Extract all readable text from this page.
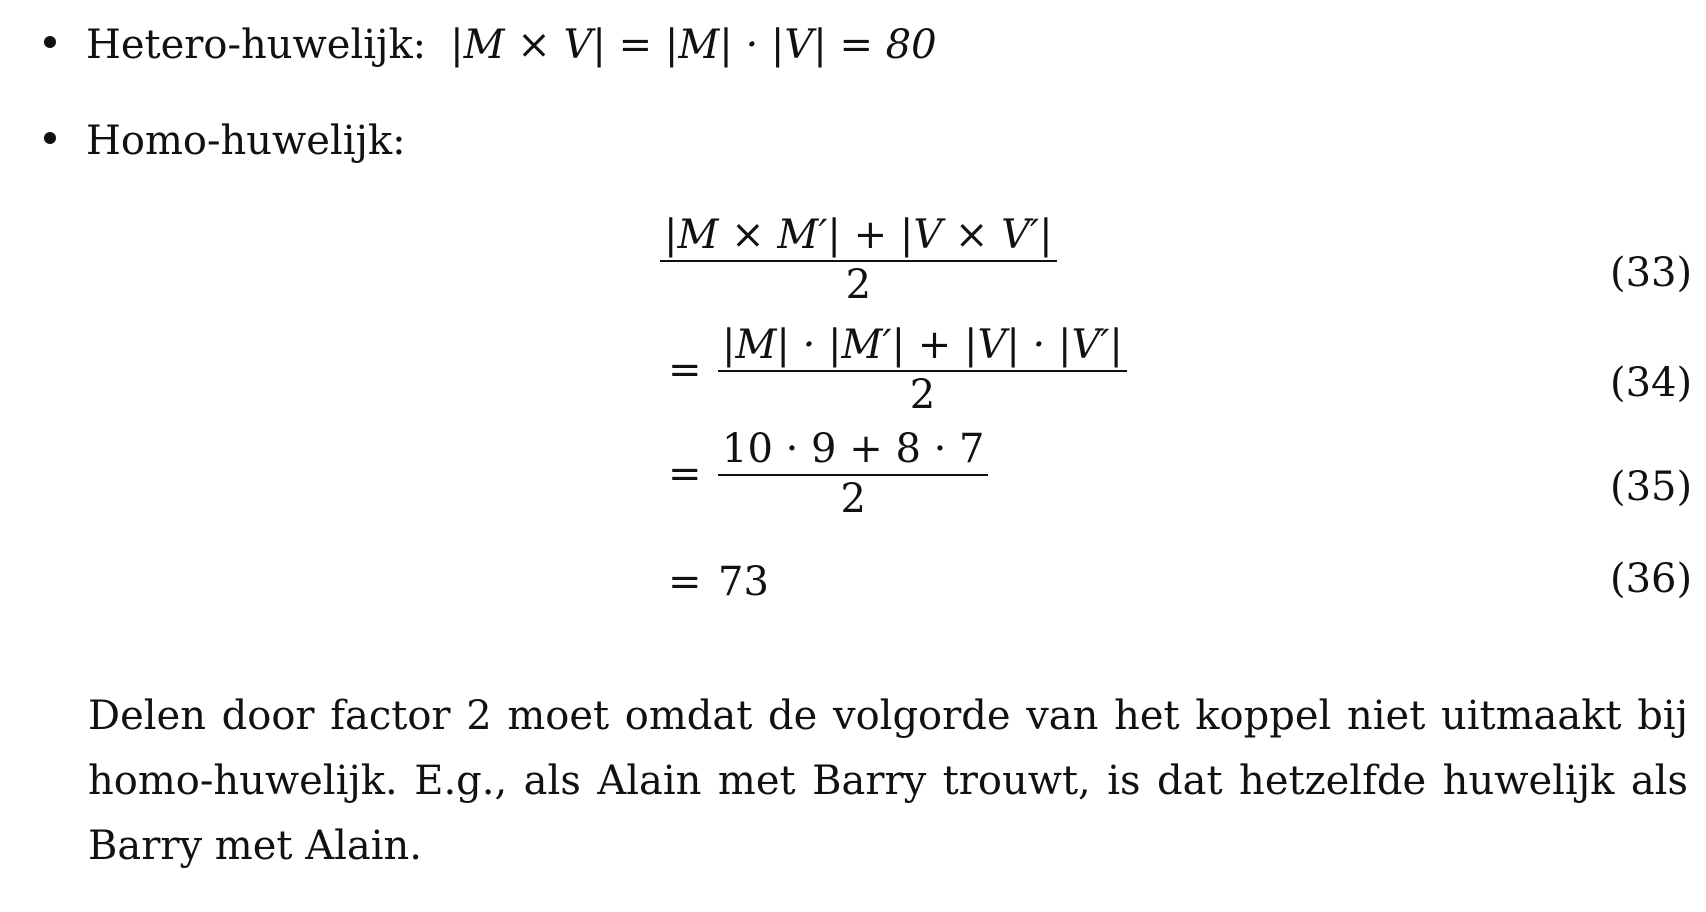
Hetero-huwelijk: |M × V| = |M| · |V| = 80
Homo-huwelijk:
$\frac{|M \times M'| + |V \times V'|}{2}$	(33)
= $\frac{|M| \cdot |M'| + |V| \cdot |V'|}{2}$	(34)
= $\frac{10 \cdot 9 + 8 \cdot 7}{2}$	(35)
= 73	(36)
Delen door factor 2 moet omdat de volgorde van het koppel niet uitmaakt bij homo-huwelijk. E.g., als Alain met Barry trouwt, is dat hetzelfde huwelijk als Barry met Alain.
